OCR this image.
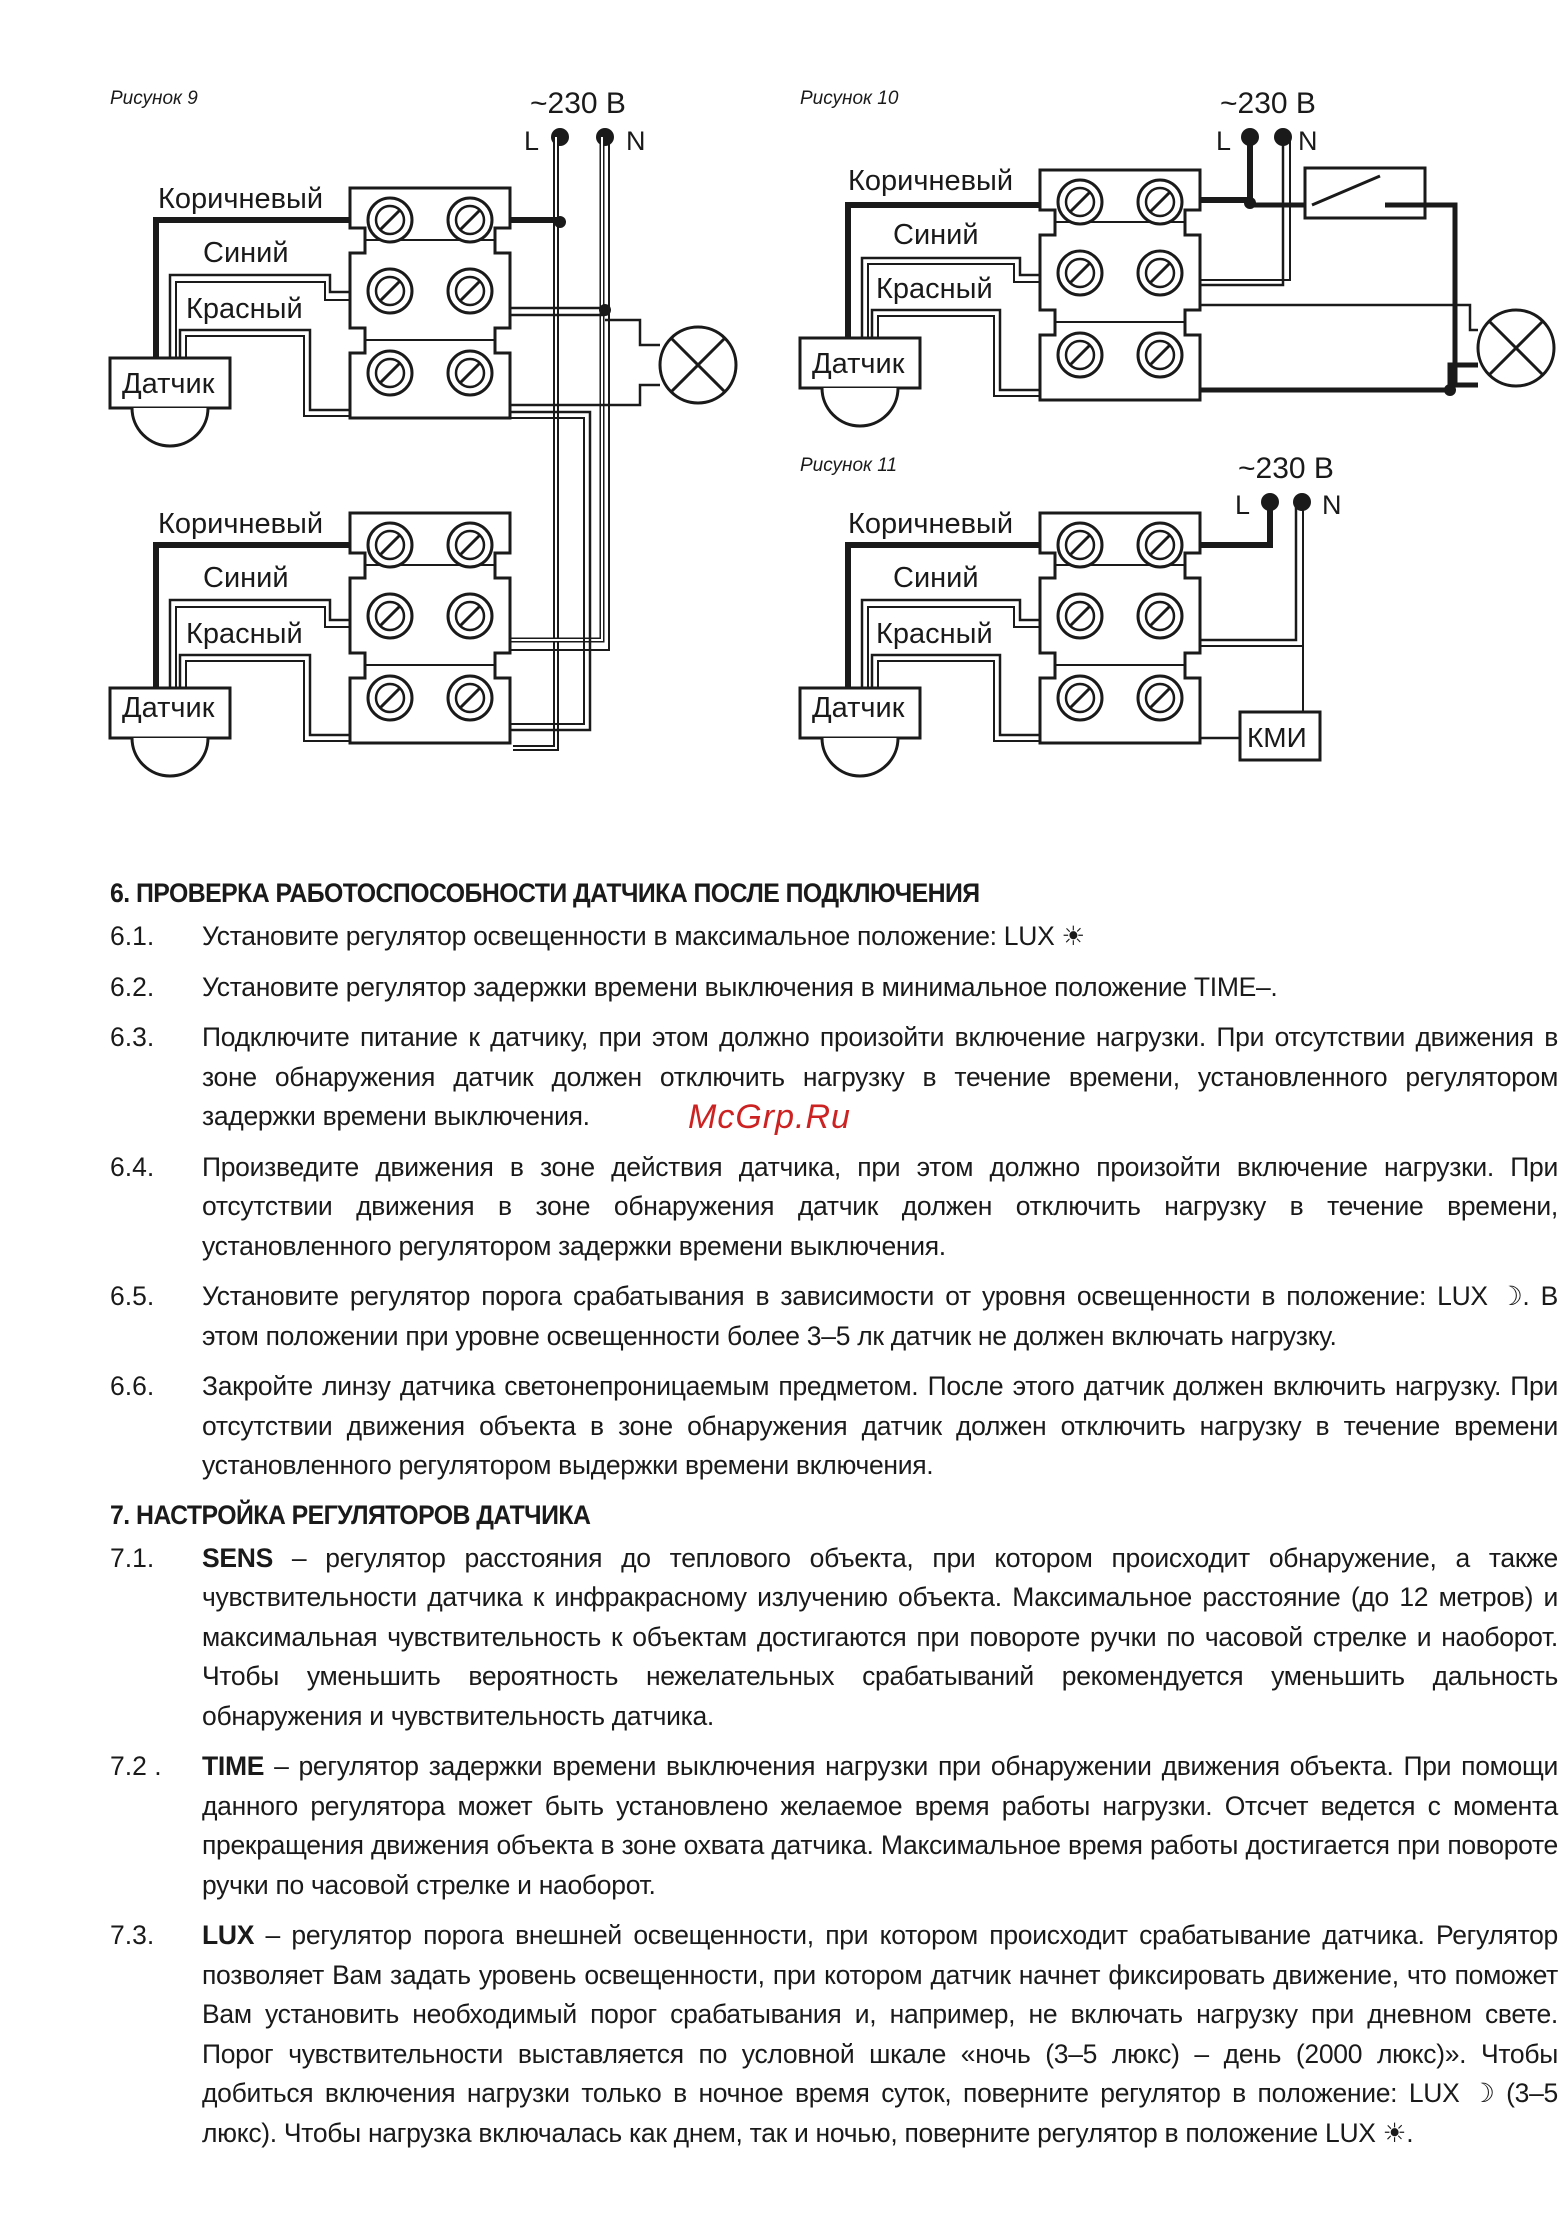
Рисунок 9	~230 В
L	N
Коричневый
Синий
Красный
Датчик
Коричневый
Синий
Красный
Датчик
Рисунок 10	~230 В
L N
Коричневый
Синий
Красный
Датчик
Рисунок 11	~230 В
L	N
КМИ
Коричневый
Синий
Красный
Датчик
6. ПРОВЕРКА РАБОТОСПОСОБНОСТИ ДАТЧИКА ПОСЛЕ ПОДКЛЮЧЕНИЯ
6.1.	Установите регулятор освещенности в максимальное положение: LUX ☀
6.2.	Установите регулятор задержки времени выключения в минимальное положение TIME–.
6.3.	Подключите питание к датчику, при этом должно произойти включение нагрузки. При отсутствии движения в зоне обнаружения датчик должен отключить нагрузку в течение времени, установленного регулятором задержки времени выключения.
6.4.	Произведите движения в зоне действия датчика, при этом должно произойти включение нагрузки. При отсутствии движения в зоне обнаружения датчик должен отключить нагрузку в течение времени, установленного регулятором задержки времени выключения.
6.5.	Установите регулятор порога срабатывания в зависимости от уровня освещенности в положение: LUX ☽. В этом положении при уровне освещенности более 3–5 лк датчик не должен включать нагрузку.
6.6.	Закройте линзу датчика светонепроницаемым предметом. После этого датчик должен включить нагрузку. При отсутствии движения объекта в зоне обнаружения датчик должен отключить нагрузку в течение времени установленного регулятором выдержки времени включения.
7. НАСТРОЙКА РЕГУЛЯТОРОВ ДАТЧИКА
7.1.	SENS – регулятор расстояния до теплового объекта, при котором происходит обнаружение, а также чувствительности датчика к инфракрасному излучению объекта. Максимальное расстояние (до 12 метров) и максимальная чувствительность к объектам достигаются при повороте ручки по часовой стрелке и наоборот. Чтобы уменьшить вероятность нежелательных срабатываний рекомендуется уменьшить дальность обнаружения и чувствительность датчика.
7.2 .	TIME – регулятор задержки времени выключения нагрузки при обнаружении движения объекта. При помощи данного регулятора может быть установлено желаемое время работы нагрузки. Отсчет ведется с момента прекращения движения объекта в зоне охвата датчика. Максимальное время работы достигается при повороте ручки по часовой стрелке и наоборот.
7.3.	LUX – регулятор порога внешней освещенности, при котором происходит срабатывание датчика. Регулятор позволяет Вам задать уровень освещенности, при котором датчик начнет фиксировать движение, что поможет Вам установить необходимый порог срабатывания и, например, не включать нагрузку при дневном свете. Порог чувствительности выставляется по условной шкале «ночь (3–5 люкс) – день (2000 люкс)». Чтобы добиться включения нагрузки только в ночное время суток, поверните регулятор в положение: LUX ☽ (3–5 люкс). Чтобы нагрузка включалась как днем, так и ночью, поверните регулятор в положение LUX ☀.
McGrp.Ru
